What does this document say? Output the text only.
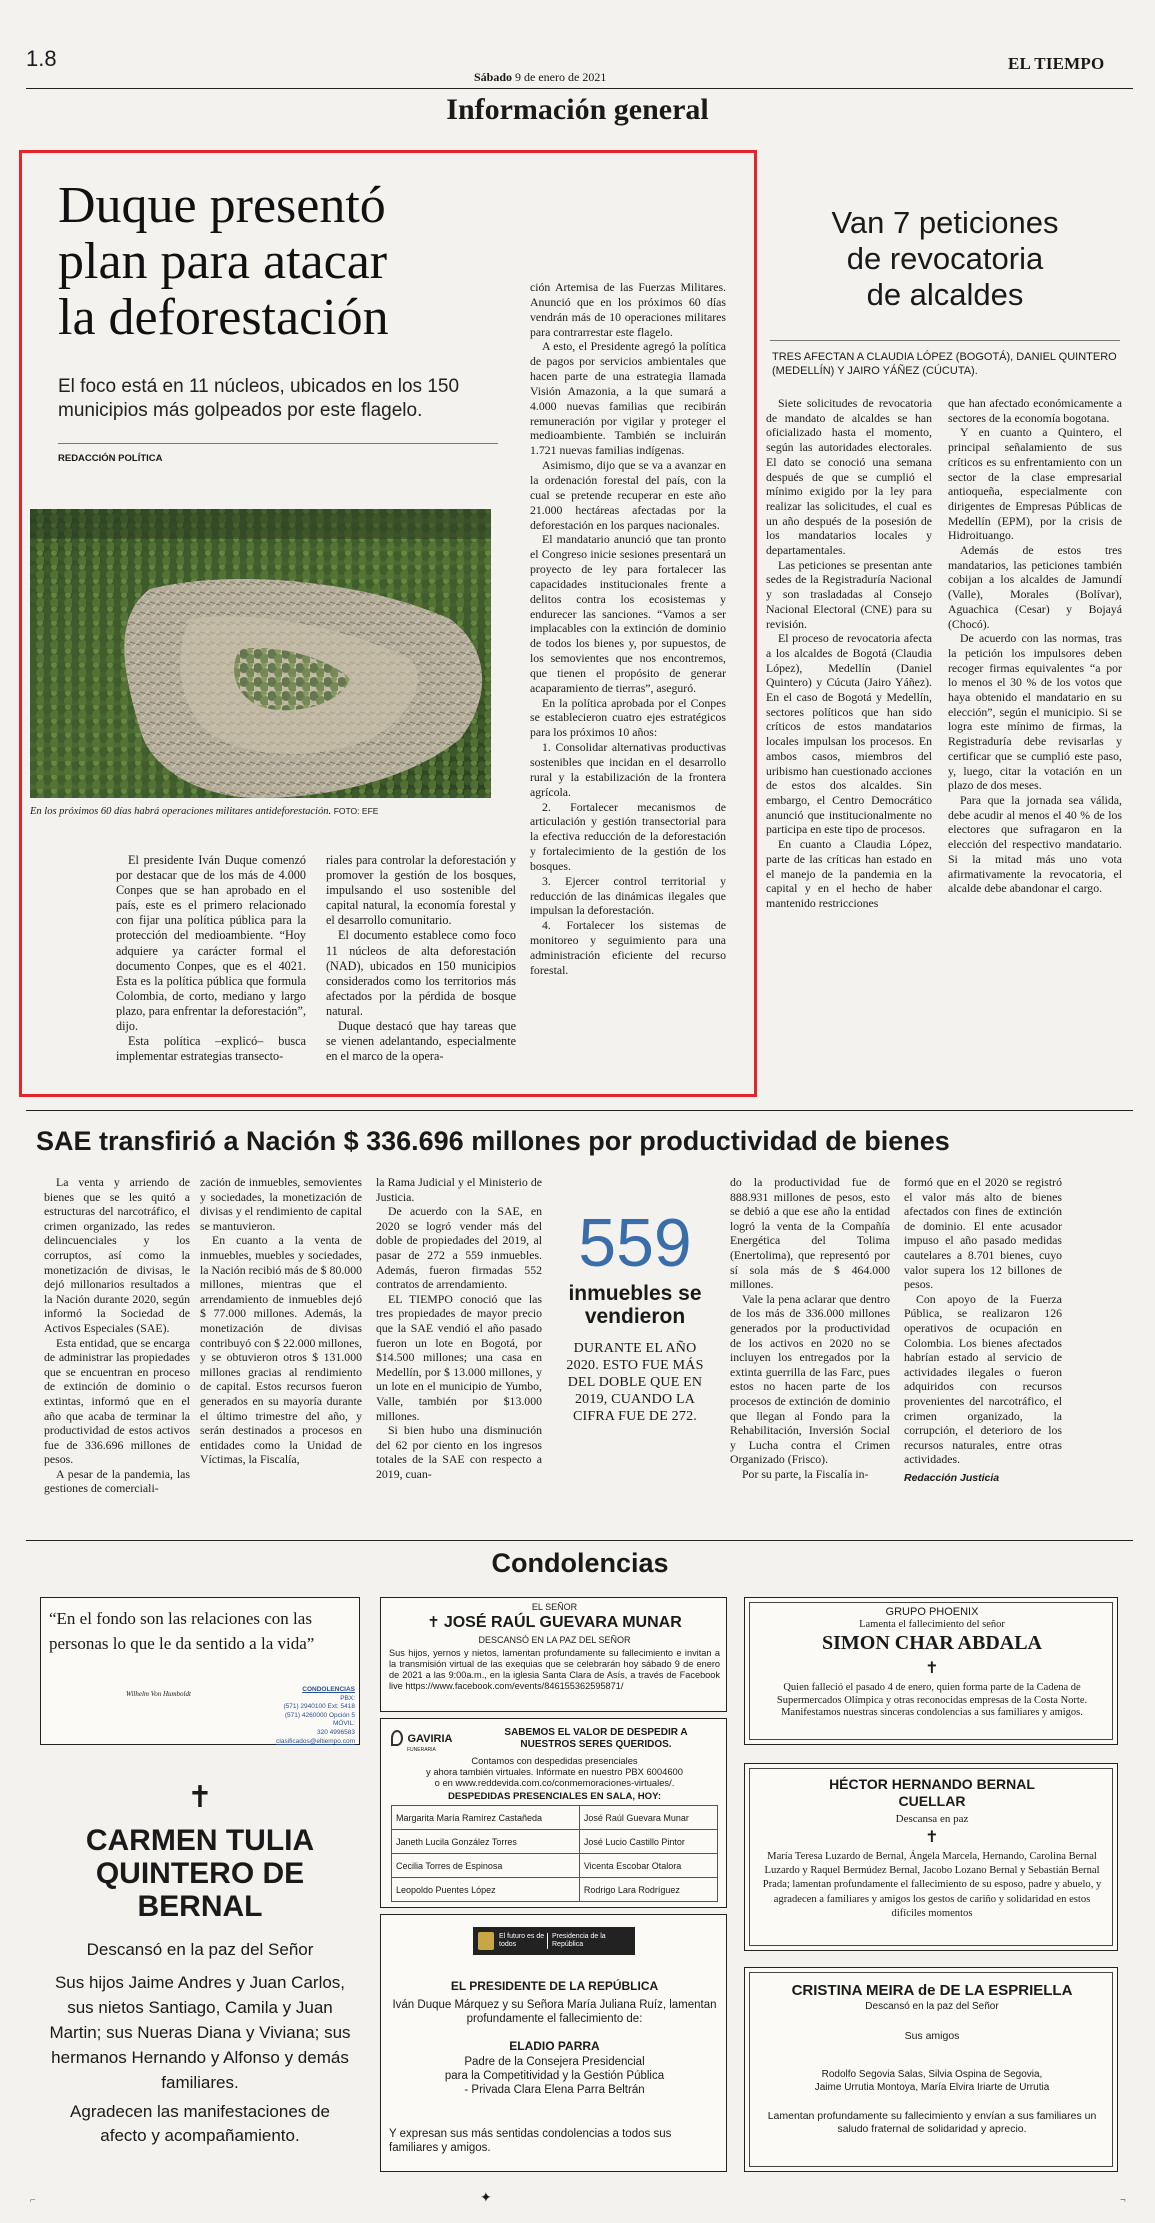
1.8
Sábado 9 de enero de 2021
EL TIEMPO
Información general
Duque presentó
plan para atacar
la deforestación
El foco está en 11 núcleos, ubicados en los 150 municipios más golpeados por este flagelo.
REDACCIÓN POLÍTICA
En los próximos 60 días habrá operaciones militares antideforestación. FOTO: EFE

El presidente Iván Duque comenzó por destacar que de los más de 4.000 Conpes que se han aprobado en el país, este es el primero relacionado con fijar una política pública para la protección del medioambiente. “Hoy adquiere ya carácter formal el documento Conpes, que es el 4021. Esta es la política pública que formula Colombia, de corto, mediano y largo plazo, para enfrentar la deforestación”, dijo.

Esta política –explicó– busca implementar estrategias transecto-

riales para controlar la deforestación y promover la gestión de los bosques, impulsando el uso sostenible del capital natural, la economía forestal y el desarrollo comunitario.

El documento establece como foco 11 núcleos de alta deforestación (NAD), ubicados en 150 municipios considerados como los territorios más afectados por la pérdida de bosque natural.

Duque destacó que hay tareas que se vienen adelantando, especialmente en el marco de la opera-

ción Artemisa de las Fuerzas Militares. Anunció que en los próximos 60 días vendrán más de 10 operaciones militares para contrarrestar este flagelo.

A esto, el Presidente agregó la política de pagos por servicios ambientales que hacen parte de una estrategia llamada Visión Amazonia, a la que sumará a 4.000 nuevas familias que recibirán remuneración por vigilar y proteger el medioambiente. También se incluirán 1.721 nuevas familias indígenas.

Asimismo, dijo que se va a avanzar en la ordenación forestal del país, con la cual se pretende recuperar en este año 21.000 hectáreas afectadas por la deforestación en los parques nacionales.

El mandatario anunció que tan pronto el Congreso inicie sesiones presentará un proyecto de ley para fortalecer las capacidades institucionales frente a delitos contra los ecosistemas y endurecer las sanciones. “Vamos a ser implacables con la extinción de dominio de todos los bienes y, por supuestos, de los semovientes que nos encontremos, que tienen el propósito de generar acaparamiento de tierras”, aseguró.

En la política aprobada por el Conpes se establecieron cuatro ejes estratégicos para los próximos 10 años:

1. Consolidar alternativas productivas sostenibles que incidan en el desarrollo rural y la estabilización de la frontera agrícola.

2. Fortalecer mecanismos de articulación y gestión transectorial para la efectiva reducción de la deforestación y fortalecimiento de la gestión de los bosques.

3. Ejercer control territorial y reducción de las dinámicas ilegales que impulsan la deforestación.

4. Fortalecer los sistemas de monitoreo y seguimiento para una administración eficiente del recurso forestal.

Van 7 peticiones
de revocatoria
de alcaldes
TRES AFECTAN A CLAUDIA LÓPEZ (BOGOTÁ), DANIEL QUINTERO (MEDELLÍN) Y JAIRO YÁÑEZ (CÚCUTA).

Siete solicitudes de revocatoria de mandato de alcaldes se han oficializado hasta el momento, según las autoridades electorales. El dato se conoció una semana después de que se cumplió el mínimo exigido por la ley para realizar las solicitudes, el cual es un año después de la posesión de los mandatarios locales y departamentales.

Las peticiones se presentan ante sedes de la Registraduría Nacional y son trasladadas al Consejo Nacional Electoral (CNE) para su revisión.

El proceso de revocatoria afecta a los alcaldes de Bogotá (Claudia López), Medellín (Daniel Quintero) y Cúcuta (Jairo Yáñez). En el caso de Bogotá y Medellín, sectores políticos que han sido críticos de estos mandatarios locales impulsan los procesos. En ambos casos, miembros del uribismo han cuestionado acciones de estos dos alcaldes. Sin embargo, el Centro Democrático anunció que institucionalmente no participa en este tipo de procesos.

En cuanto a Claudia López, parte de las críticas han estado en el manejo de la pandemia en la capital y en el hecho de haber mantenido restricciones

que han afectado económicamente a sectores de la economía bogotana.

Y en cuanto a Quintero, el principal señalamiento de sus críticos es su enfrentamiento con un sector de la clase empresarial antioqueña, especialmente con dirigentes de Empresas Públicas de Medellín (EPM), por la crisis de Hidroituango.

Además de estos tres mandatarios, las peticiones también cobijan a los alcaldes de Jamundí (Valle), Morales (Bolívar), Aguachica (Cesar) y Bojayá (Chocó).

De acuerdo con las normas, tras la petición los impulsores deben recoger firmas equivalentes “a por lo menos el 30 % de los votos que haya obtenido el mandatario en su elección”, según el municipio. Si se logra este mínimo de firmas, la Registraduría debe revisarlas y certificar que se cumplió este paso, y, luego, citar la votación en un plazo de dos meses.

Para que la jornada sea válida, debe acudir al menos el 40 % de los electores que sufragaron en la elección del respectivo mandatario. Si la mitad más uno vota afirmativamente la revocatoria, el alcalde debe abandonar el cargo.

SAE transfirió a Nación $ 336.696 millones por productividad de bienes

La venta y arriendo de bienes que se les quitó a estructuras del narcotráfico, el crimen organizado, las redes delincuenciales y los corruptos, así como la monetización de divisas, le dejó millonarios resultados a la Nación durante 2020, según informó la Sociedad de Activos Especiales (SAE).

Esta entidad, que se encarga de administrar las propiedades que se encuentran en proceso de extinción de dominio o extintas, informó que en el año que acaba de terminar la productividad de estos activos fue de 336.696 millones de pesos.

A pesar de la pandemia, las gestiones de comerciali-

zación de inmuebles, semovientes y sociedades, la monetización de divisas y el rendimiento de capital se mantuvieron.

En cuanto a la venta de inmuebles, muebles y sociedades, la Nación recibió más de $ 80.000 millones, mientras que el arrendamiento de inmuebles dejó $ 77.000 millones. Además, la monetización de divisas contribuyó con $ 22.000 millones, y se obtuvieron otros $ 131.000 millones gracias al rendimiento de capital. Estos recursos fueron generados en su mayoría durante el último trimestre del año, y serán destinados a procesos en entidades como la Unidad de Víctimas, la Fiscalía,

la Rama Judicial y el Ministerio de Justicia.

De acuerdo con la SAE, en 2020 se logró vender más del doble de propiedades del 2019, al pasar de 272 a 559 inmuebles. Además, fueron firmadas 552 contratos de arrendamiento.

EL TIEMPO conoció que las tres propiedades de mayor precio que la SAE vendió el año pasado fueron un lote en Bogotá, por $14.500 millones; una casa en Medellín, por $ 13.000 millones, y un lote en el municipio de Yumbo, Valle, también por $13.000 millones.

Si bien hubo una disminución del 62 por ciento en los ingresos totales de la SAE con respecto a 2019, cuan-

559
inmuebles se vendieron
DURANTE EL AÑO 2020. ESTO FUE MÁS DEL DOBLE QUE EN 2019, CUANDO LA CIFRA FUE DE 272.

do la productividad fue de 888.931 millones de pesos, esto se debió a que ese año la entidad logró la venta de la Compañía Energética del Tolima (Enertolima), que representó por sí sola más de $ 464.000 millones.

Vale la pena aclarar que dentro de los más de 336.000 millones generados por la productividad de los activos en 2020 no se incluyen los entregados por la extinta guerrilla de las Farc, pues estos no hacen parte de los procesos de extinción de dominio que llegan al Fondo para la Rehabilitación, Inversión Social y Lucha contra el Crimen Organizado (Frisco).

Por su parte, la Fiscalía in-

formó que en el 2020 se registró el valor más alto de bienes afectados con fines de extinción de dominio. El ente acusador impuso el año pasado medidas cautelares a 8.701 bienes, cuyo valor supera los 12 billones de pesos.

Con apoyo de la Fuerza Pública, se realizaron 126 operativos de ocupación en Colombia. Los bienes afectados habrían estado al servicio de actividades ilegales o fueron adquiridos con recursos provenientes del narcotráfico, el crimen organizado, la corrupción, el deterioro de los recursos naturales, entre otras actividades.

Redacción Justicia
Condolencias
“En el fondo son las relaciones con las personas lo que le da sentido a la vida”
Wilhelm Von Humboldt
CONDOLENCIAS
PBX:
(571) 2940100 Ext: 5418
(571) 4260000 Opción 5
MÓVIL:
320 4996583
clasificados@eltiempo.com
✝
CARMEN TULIA
QUINTERO DE
BERNAL
Descansó en la paz del Señor
Sus hijos Jaime Andres y Juan Carlos, sus nietos Santiago, Camila y Juan Martin; sus Nueras Diana y Viviana; sus hermanos Hernando y Alfonso y demás familiares.
Agradecen las manifestaciones de afecto y acompañamiento.
EL SEÑOR
✝ JOSÉ RAÚL GUEVARA MUNAR
DESCANSÓ EN LA PAZ DEL SEÑOR
Sus hijos, yernos y nietos, lamentan profundamente su fallecimiento e invitan a la transmisión virtual de las exequias que se celebrarán hoy sábado 9 de enero de 2021 a las 9:00a.m., en la iglesia Santa Clara de Asís, a través de Facebook live https://www.facebook.com/events/846155362595871/
GAVIRIA
FUNERARIA
SABEMOS EL VALOR DE DESPEDIR A NUESTROS SERES QUERIDOS.
Contamos con despedidas presenciales
y ahora también virtuales. Infórmate en nuestro PBX 6004600
o en www.reddevida.com.co/conmemoraciones-virtuales/.
DESPEDIDAS PRESENCIALES EN SALA, HOY:
Margarita María Ramírez Castañeda	José Raúl Guevara Munar
Janeth Lucila González Torres	José Lucio Castillo Pintor
Cecilia Torres de Espinosa	Vicenta Escobar Otalora
Leopoldo Puentes López	Rodrigo Lara Rodríguez
El futuro es de todos
Presidencia de la República
EL PRESIDENTE DE LA REPÚBLICA
Iván Duque Márquez y su Señora María Juliana Ruíz, lamentan profundamente el fallecimiento de:
ELADIO PARRA
Padre de la Consejera Presidencial
para la Competitividad y la Gestión Pública
- Privada Clara Elena Parra Beltrán
Y expresan sus más sentidas condolencias a todos sus familiares y amigos.
GRUPO PHOENIX
Lamenta el fallecimiento del señor
SIMON CHAR ABDALA
✝
Quien falleció el pasado 4 de enero, quien forma parte de la Cadena de Supermercados Olímpica y otras reconocidas empresas de la Costa Norte. Manifestamos nuestras sinceras condolencias a sus familiares y amigos.
HÉCTOR HERNANDO BERNAL
CUELLAR
Descansa en paz
✝
María Teresa Luzardo de Bernal, Ángela Marcela, Hernando, Carolina Bernal Luzardo y Raquel Bermúdez Bernal, Jacobo Lozano Bernal y Sebastián Bernal Prada; lamentan profundamente el fallecimiento de su esposo, padre y abuelo, y agradecen a familiares y amigos los gestos de cariño y solidaridad en estos difíciles momentos
CRISTINA MEIRA de DE LA ESPRIELLA
Descansó en la paz del Señor
Sus amigos
Rodolfo Segovia Salas, Silvia Ospina de Segovia,
Jaime Urrutia Montoya, María Elvira Iriarte de Urrutia
Lamentan profundamente su fallecimiento y envían a sus familiares un saludo fraternal de solidaridad y aprecio.
✦
⌐	¬
